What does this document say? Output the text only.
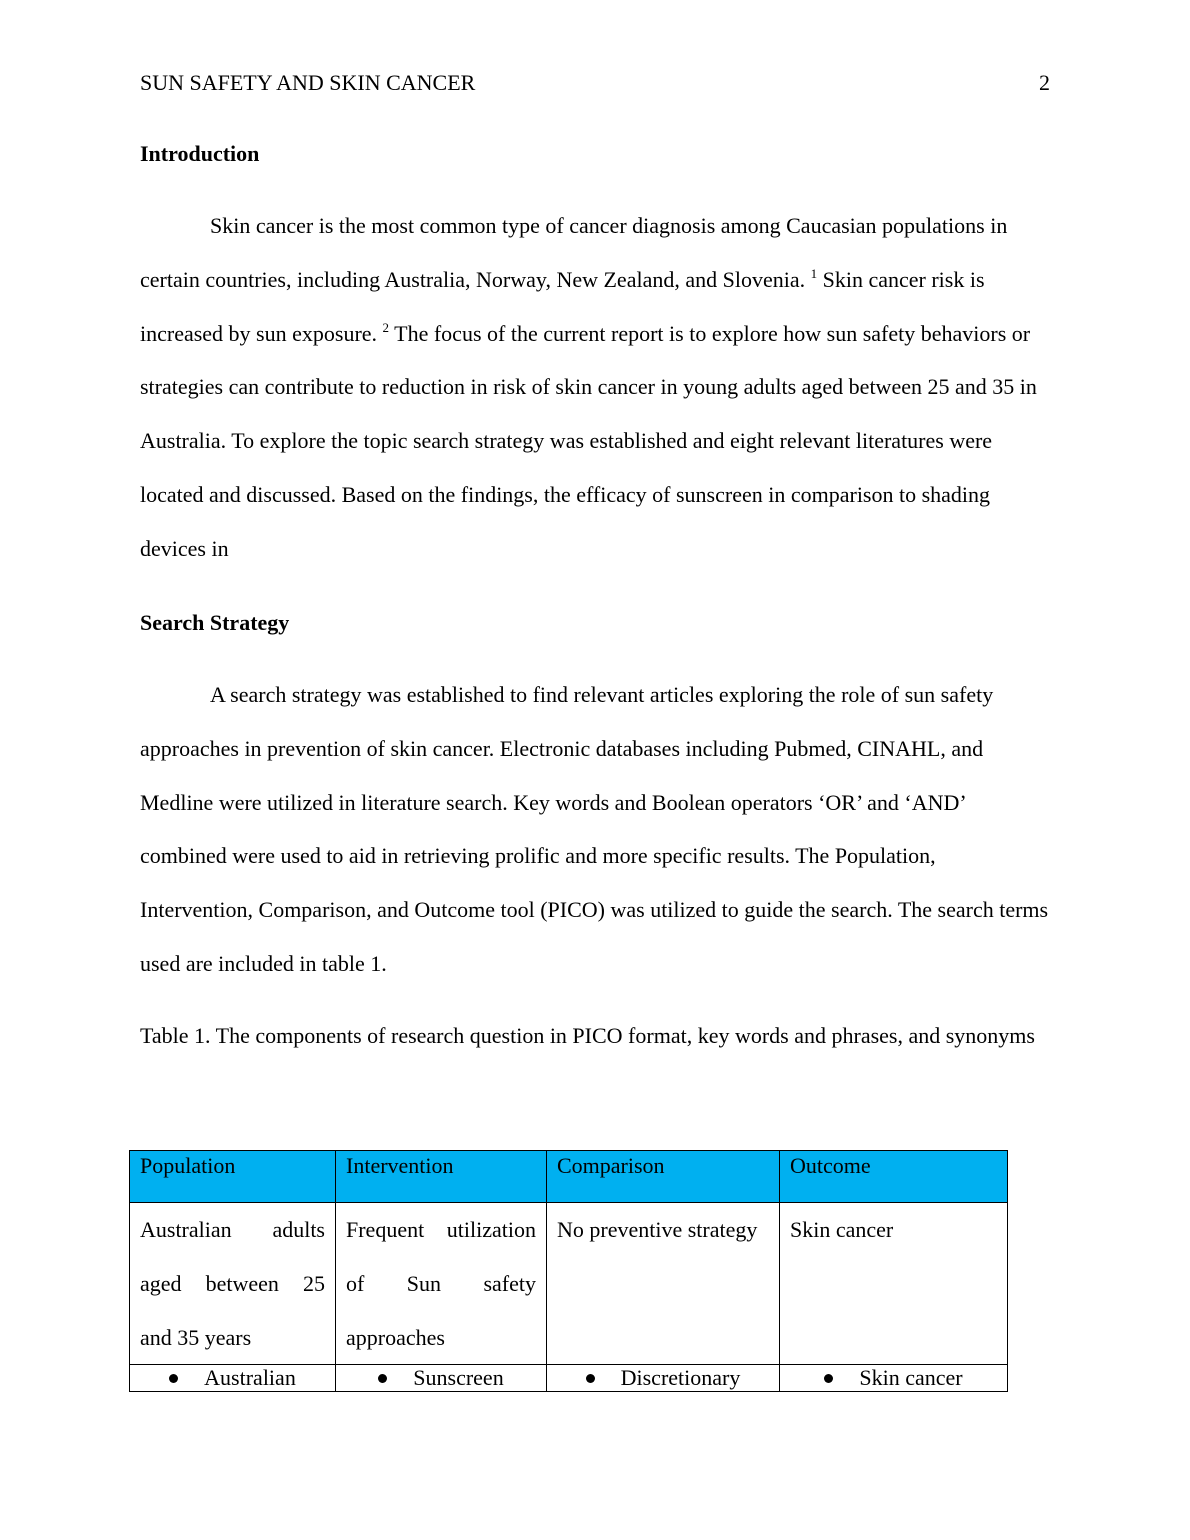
SUN SAFETY AND SKIN CANCER	2
Introduction

Skin cancer is the most common type of cancer diagnosis among Caucasian populations in certain countries, including Australia, Norway, New Zealand, and Slovenia. $^1$ Skin cancer risk is increased by sun exposure. $^2$ The focus of the current report is to explore how sun safety behaviors or strategies can contribute to reduction in risk of skin cancer in young adults aged between 25 and 35 in Australia. To explore the topic search strategy was established and eight relevant literatures were located and discussed. Based on the findings, the efficacy of sunscreen in comparison to shading devices in

Search Strategy

A search strategy was established to find relevant articles exploring the role of sun safety approaches in prevention of skin cancer. Electronic databases including Pubmed, CINAHL, and Medline were utilized in literature search. Key words and Boolean operators ‘OR’ and ‘AND’ combined were used to aid in retrieving prolific and more specific results. The Population, Intervention, Comparison, and Outcome tool (PICO) was utilized to guide the search. The search terms used are included in table 1.

Table 1. The components of research question in PICO format, key words and phrases, and synonyms

Population	Intervention	Comparison	Outcome

Australian adults aged between 25 and 35 years	Frequent utilization of Sun safety approaches	No preventive strategy	Skin cancer
Australian	Sunscreen	Discretionary	Skin cancer
